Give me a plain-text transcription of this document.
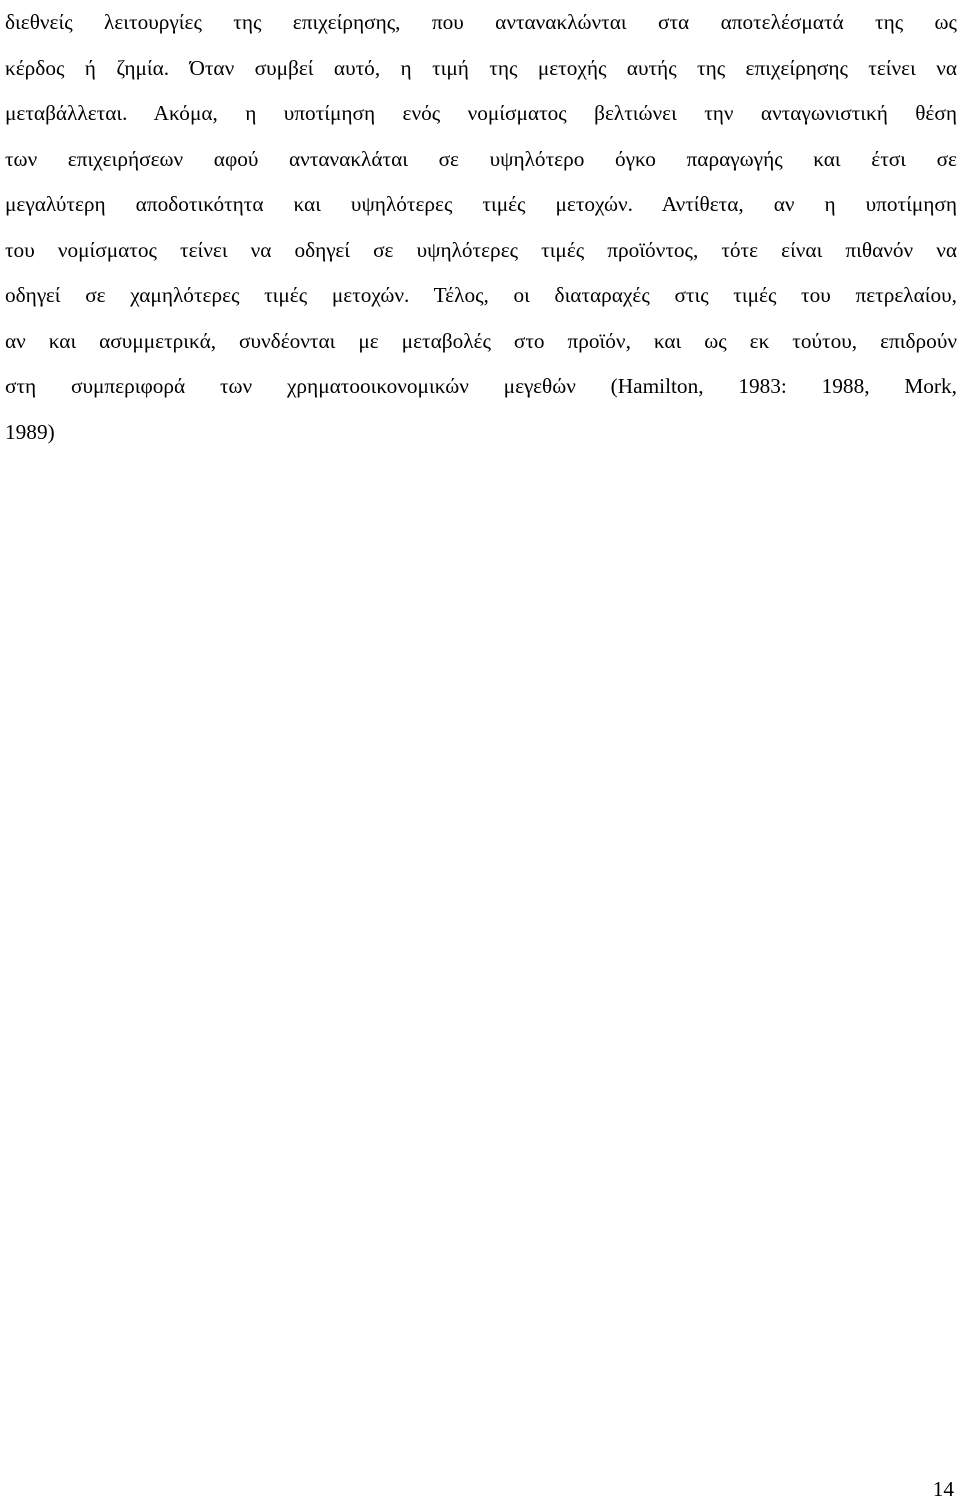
διεθνείς λειτουργίες της επιχείρησης, που αντανακλώνται στα αποτελέσματά της ως
κέρδος ή ζημία. Όταν συμβεί αυτό, η τιμή της μετοχής αυτής της επιχείρησης τείνει να
μεταβάλλεται. Ακόμα, η υποτίμηση ενός νομίσματος βελτιώνει την ανταγωνιστική θέση
των επιχειρήσεων αφού αντανακλάται σε υψηλότερο όγκο παραγωγής και έτσι σε
μεγαλύτερη αποδοτικότητα και υψηλότερες τιμές μετοχών. Αντίθετα, αν η υποτίμηση
του νομίσματος τείνει να οδηγεί σε υψηλότερες τιμές προϊόντος, τότε είναι πιθανόν να
οδηγεί σε χαμηλότερες τιμές μετοχών. Τέλος, οι διαταραχές στις τιμές του πετρελαίου,
αν και ασυμμετρικά, συνδέονται με μεταβολές στο προϊόν, και ως εκ τούτου, επιδρούν
στη συμπεριφορά των χρηματοοικονομικών μεγεθών (Hamilton, 1983: 1988, Mork,
1989)
14
